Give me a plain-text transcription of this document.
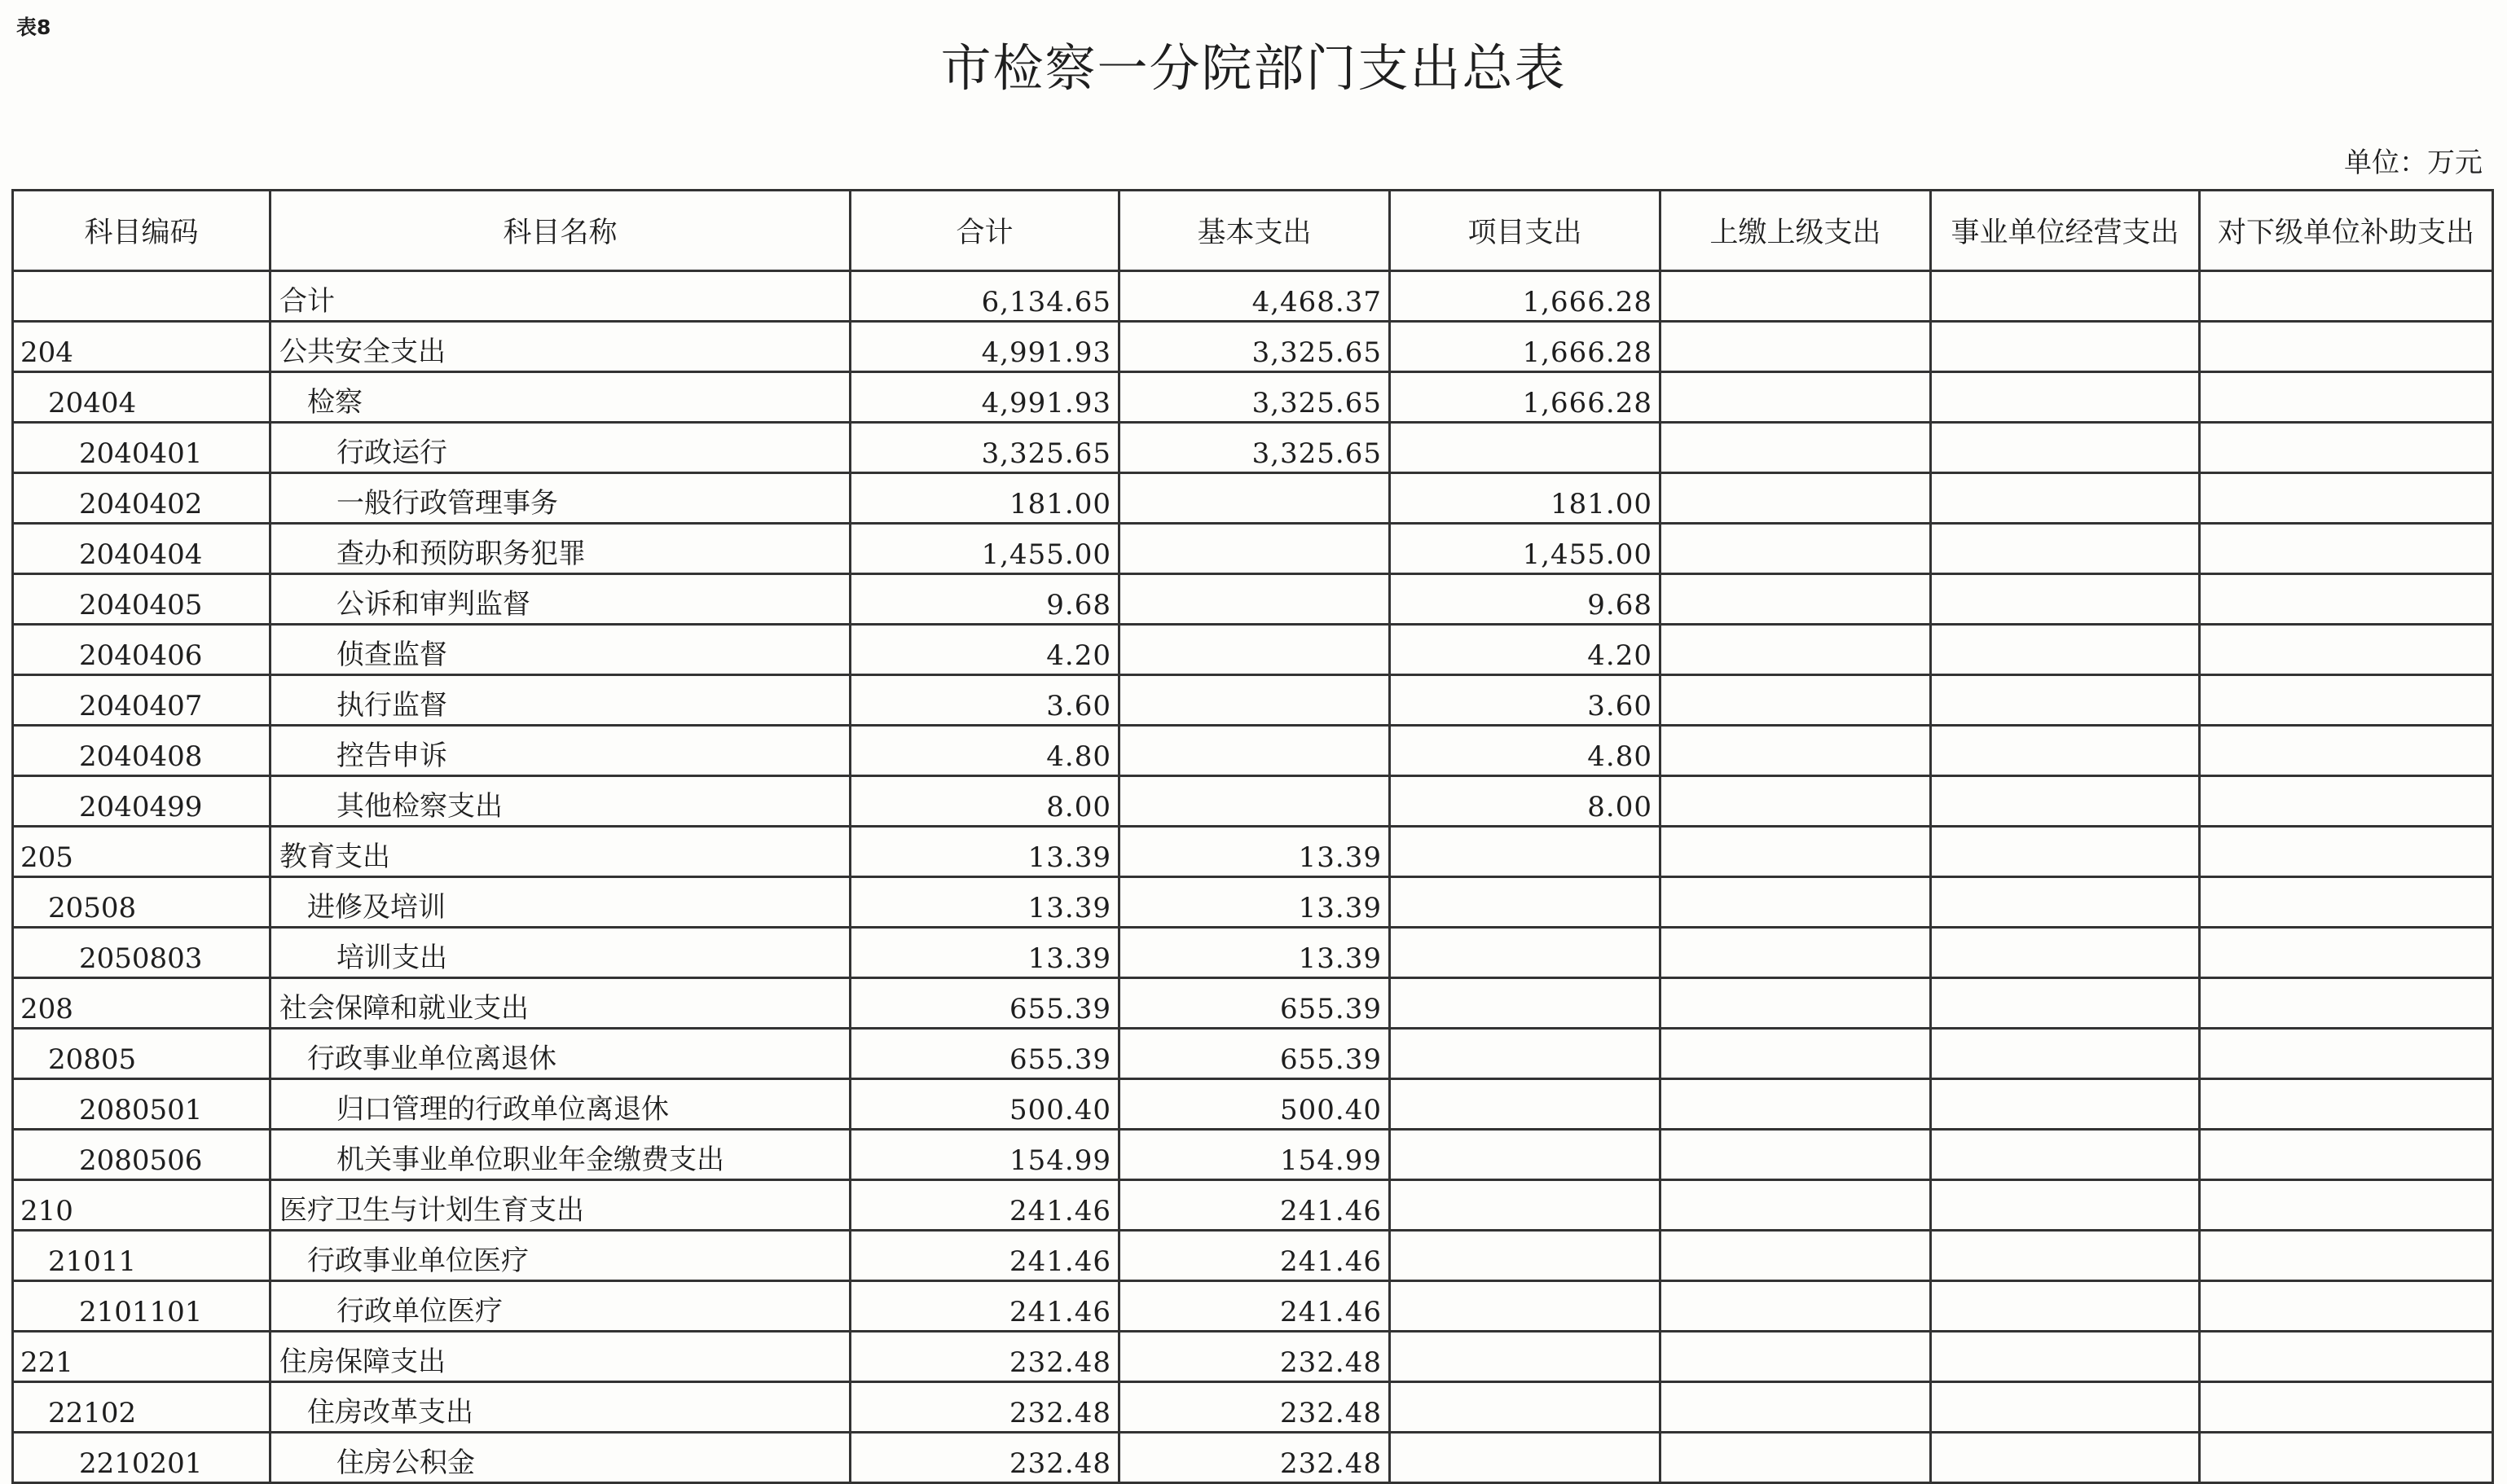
表8
市检察一分院部门支出总表
单位：万元
科目编码	科目名称	合计	基本支出	项目支出	上缴上级支出	事业单位经营支出	对下级单位补助支出
	合计	6,134.65	4,468.37	1,666.28			
204	公共安全支出	4,991.93	3,325.65	1,666.28			
20404	检察	4,991.93	3,325.65	1,666.28			
2040401	行政运行	3,325.65	3,325.65				
2040402	一般行政管理事务	181.00		181.00			
2040404	查办和预防职务犯罪	1,455.00		1,455.00			
2040405	公诉和审判监督	9.68		9.68			
2040406	侦查监督	4.20		4.20			
2040407	执行监督	3.60		3.60			
2040408	控告申诉	4.80		4.80			
2040499	其他检察支出	8.00		8.00			
205	教育支出	13.39	13.39				
20508	进修及培训	13.39	13.39				
2050803	培训支出	13.39	13.39				
208	社会保障和就业支出	655.39	655.39				
20805	行政事业单位离退休	655.39	655.39				
2080501	归口管理的行政单位离退休	500.40	500.40				
2080506	机关事业单位职业年金缴费支出	154.99	154.99				
210	医疗卫生与计划生育支出	241.46	241.46				
21011	行政事业单位医疗	241.46	241.46				
2101101	行政单位医疗	241.46	241.46				
221	住房保障支出	232.48	232.48				
22102	住房改革支出	232.48	232.48				
2210201	住房公积金	232.48	232.48				
